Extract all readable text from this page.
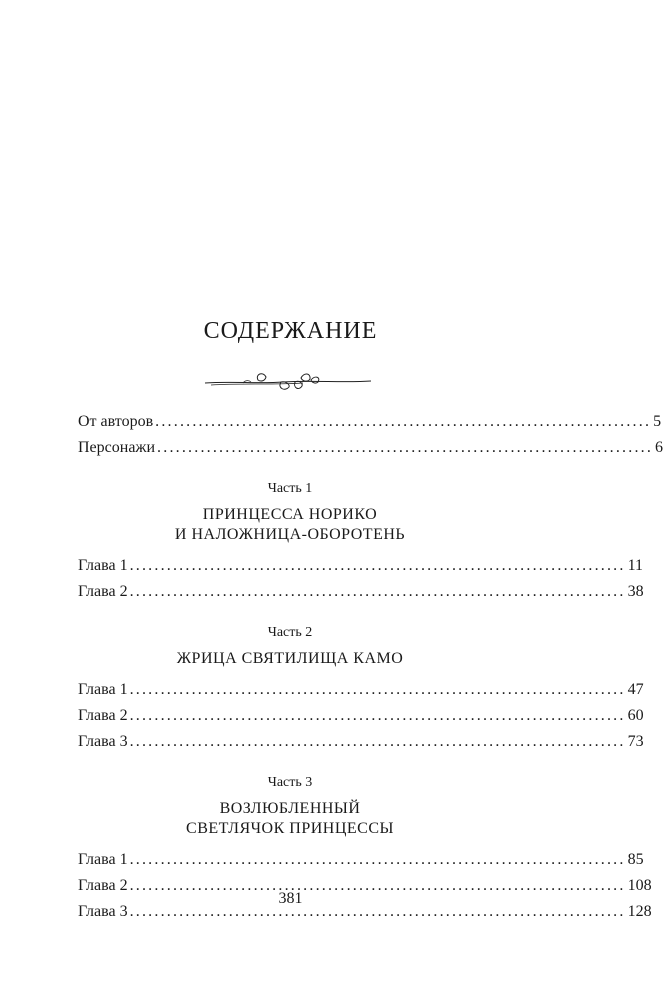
СОДЕРЖАНИЕ
От авторов ................................................................................ 5
Персонажи ................................................................................ 6
Часть 1
ПРИНЦЕССА НОРИКО
И НАЛОЖНИЦА-ОБОРОТЕНЬ
Глава 1 ................................................................................ 11
Глава 2 ................................................................................ 38
Часть 2
ЖРИЦА СВЯТИЛИЩА КАМО
Глава 1 ................................................................................ 47
Глава 2 ................................................................................ 60
Глава 3 ................................................................................ 73
Часть 3
ВОЗЛЮБЛЕННЫЙ
СВЕТЛЯЧОК ПРИНЦЕССЫ
Глава 1 ................................................................................ 85
Глава 2 ................................................................................ 108
Глава 3 ................................................................................ 128
381
